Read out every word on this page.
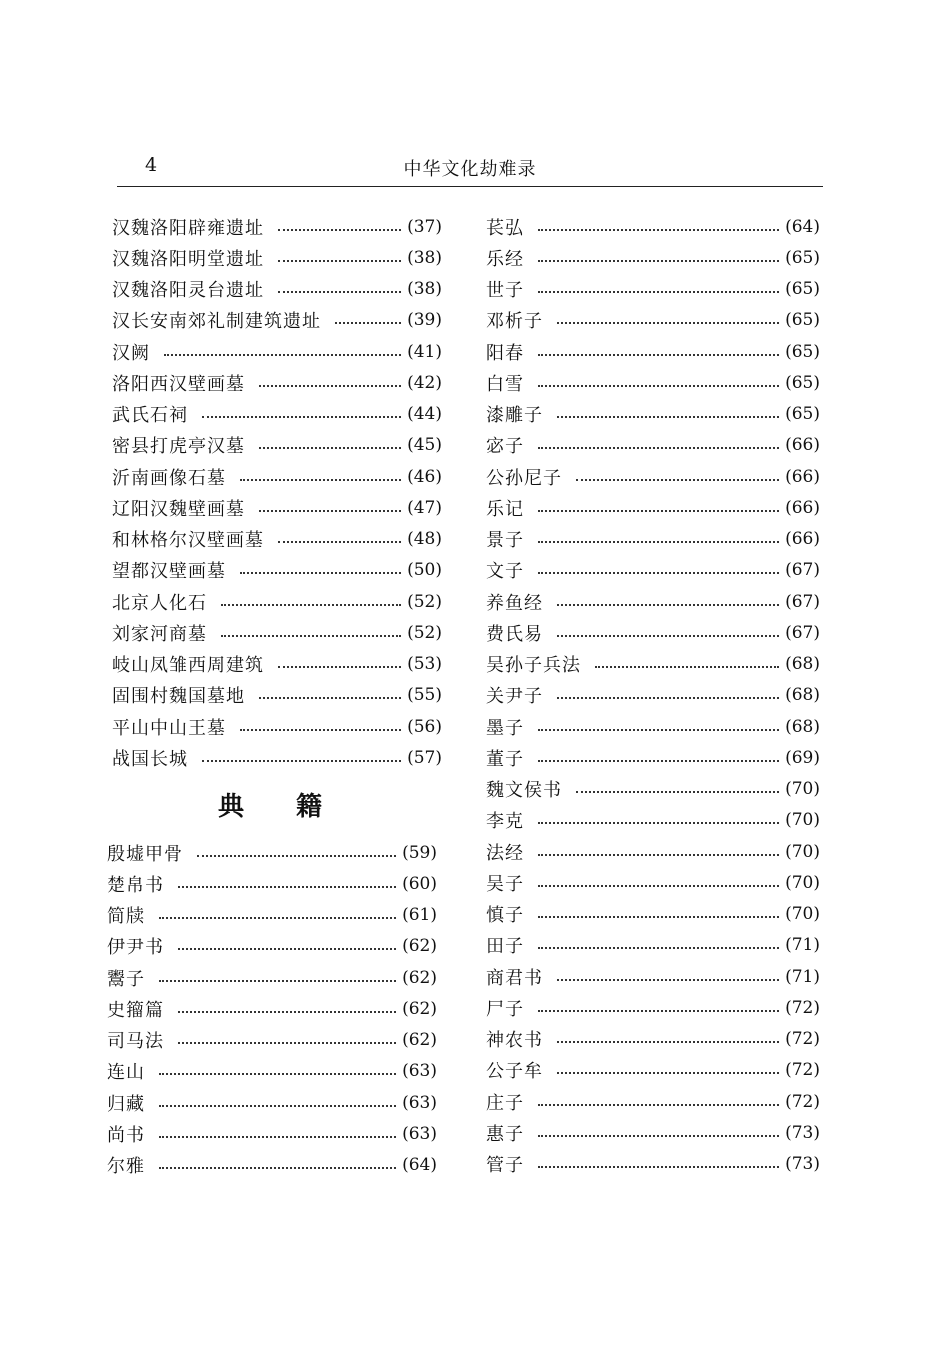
4	中华文化劫难录
汉魏洛阳辟雍遗址	(37)
汉魏洛阳明堂遗址	(38)
汉魏洛阳灵台遗址	(38)
汉长安南郊礼制建筑遗址	(39)
汉阙	(41)
洛阳西汉壁画墓	(42)
武氏石祠	(44)
密县打虎亭汉墓	(45)
沂南画像石墓	(46)
辽阳汉魏壁画墓	(47)
和林格尔汉壁画墓	(48)
望都汉壁画墓	(50)
北京人化石	(52)
刘家河商墓	(52)
岐山凤雏西周建筑	(53)
固围村魏国墓地	(55)
平山中山王墓	(56)
战国长城	(57)
典籍
殷墟甲骨	(59)
楚帛书	(60)
简牍	(61)
伊尹书	(62)
鬻子	(62)
史籀篇	(62)
司马法	(62)
连山	(63)
归藏	(63)
尚书	(63)
尔雅	(64)
苌弘	(64)
乐经	(65)
世子	(65)
邓析子	(65)
阳春	(65)
白雪	(65)
漆雕子	(65)
宓子	(66)
公孙尼子	(66)
乐记	(66)
景子	(66)
文子	(67)
养鱼经	(67)
费氏易	(67)
吴孙子兵法	(68)
关尹子	(68)
墨子	(68)
董子	(69)
魏文侯书	(70)
李克	(70)
法经	(70)
吴子	(70)
慎子	(70)
田子	(71)
商君书	(71)
尸子	(72)
神农书	(72)
公子牟	(72)
庄子	(72)
惠子	(73)
管子	(73)
